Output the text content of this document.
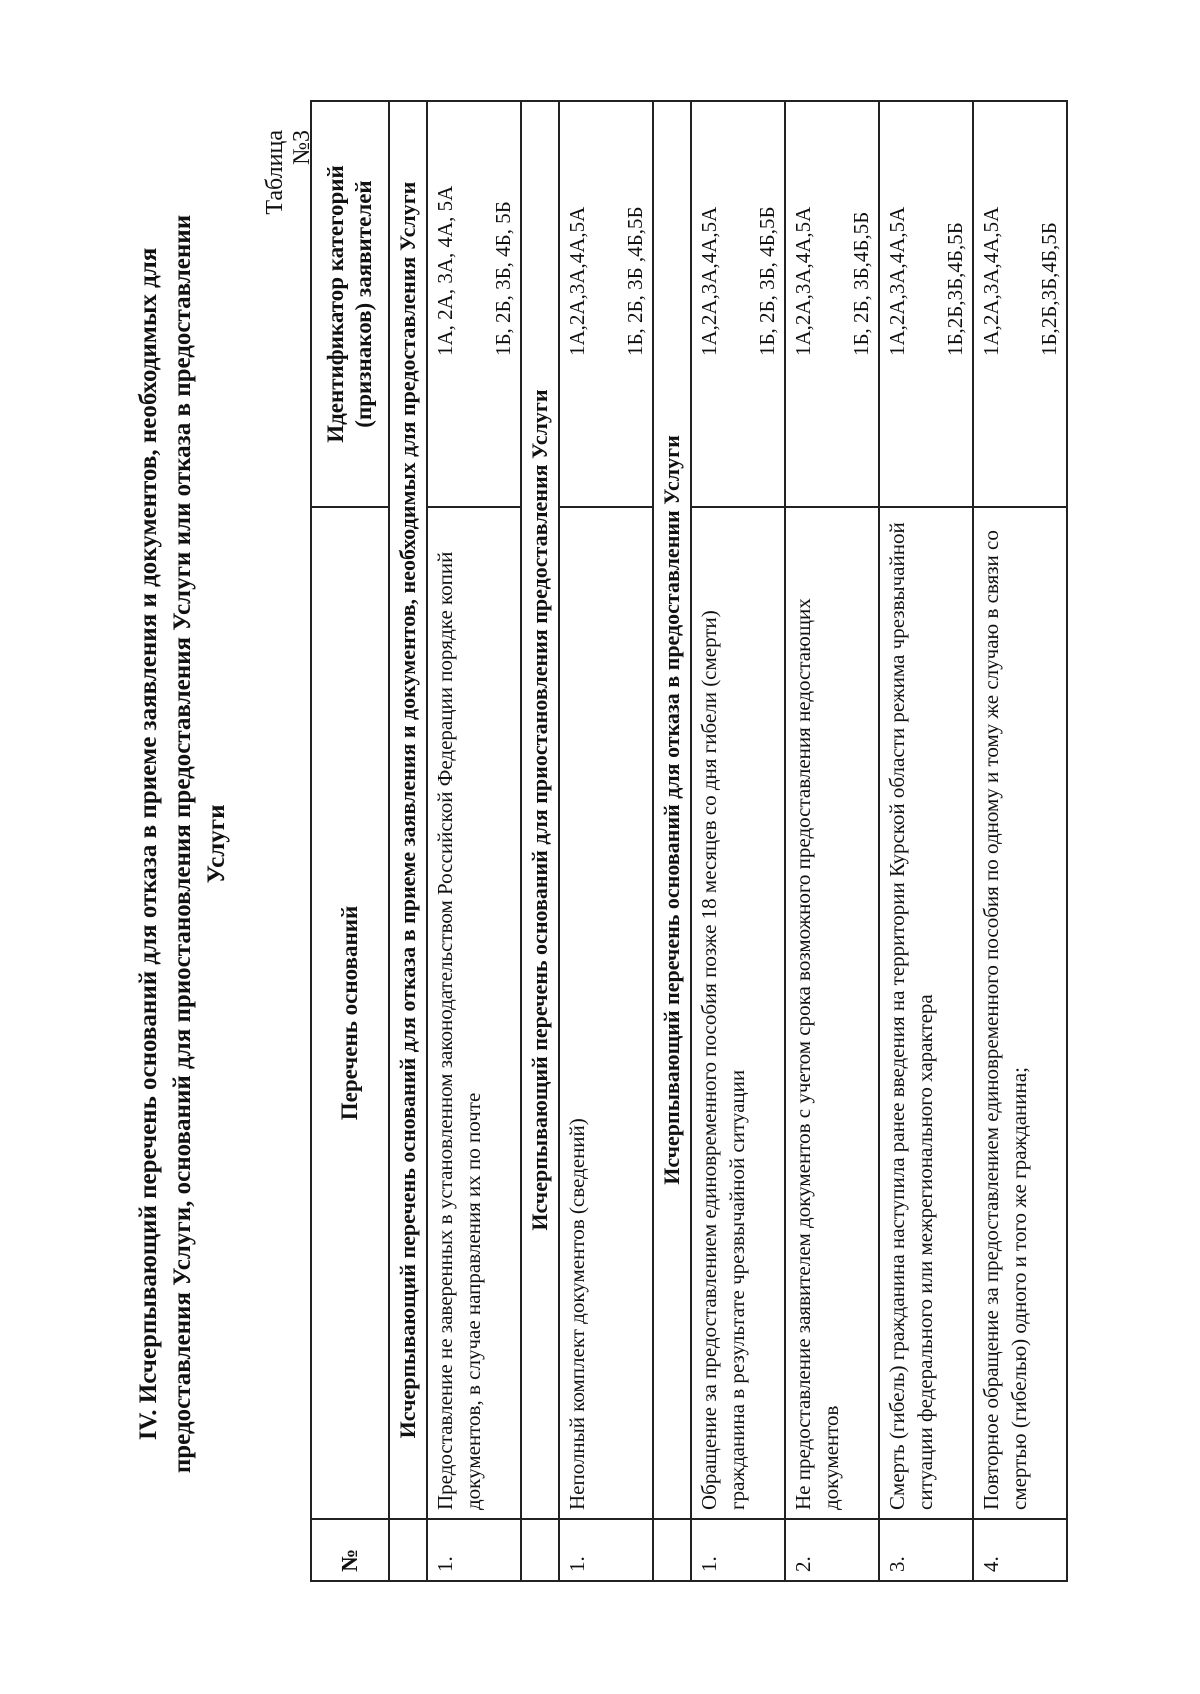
IV. Исчерпывающий перечень оснований для отказа в приеме заявления и документов, необходимых для предоставления Услуги, оснований для приостановления предоставления Услуги или отказа в предоставлении Услуги
Таблица №3
№	Перечень оснований	Идентификатор категорий (признаков) заявителей
	Исчерпывающий перечень оснований для отказа в приеме заявления и документов, необходимых для предоставления Услуги	
1.	Предоставление не заверенных в установленном законодательством Российской Федерации порядке копий документов, в случае направления их по почте	1А, 2А, 3А, 4А, 5А 1Б, 2Б, 3Б, 4Б, 5Б

	Исчерпывающий перечень оснований для приостановления предоставления Услуги	
1.	Неполный комплект документов (сведений)	1А,2А,3А,4А,5А 1Б, 2Б, 3Б ,4Б,5Б

	Исчерпывающий перечень оснований для отказа в предоставлении Услуги	
1.	Обращение за предоставлением единовременного пособия позже 18 месяцев со дня гибели (смерти) гражданина в результате чрезвычайной ситуации	1А,2А,3А,4А,5А 1Б, 2Б, 3Б, 4Б,5Б

2.	Не предоставление заявителем документов с учетом срока возможного предоставления недостающих документов	1А,2А,3А,4А,5А 1Б, 2Б, 3Б,4Б,5Б

3.	Смерть (гибель) гражданина наступила ранее введения на территории Курской области режима чрезвычайной ситуации федерального или межрегионального характера	1А,2А,3А,4А,5А 1Б,2Б,3Б,4Б,5Б

4.	Повторное обращение за предоставлением единовременного пособия по одному и тому же случаю в связи со смертью (гибелью) одного и того же гражданина;	1А,2А,3А,4А,5А 1Б,2Б,3Б,4Б,5Б
